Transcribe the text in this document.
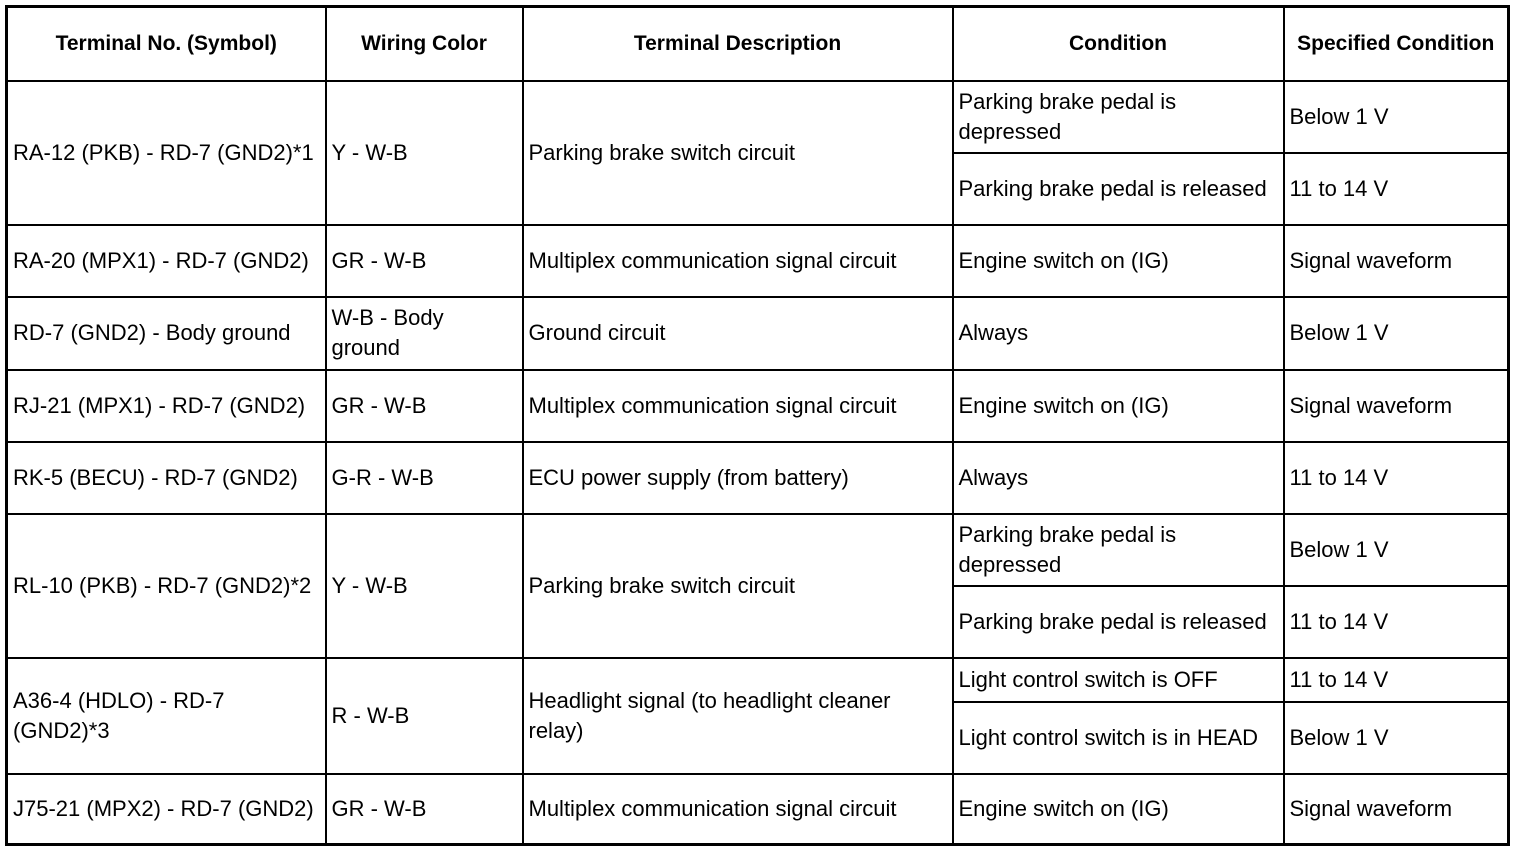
Terminal No. (Symbol)	Wiring Color	Terminal Description	Condition	Specified Condition
RA-12 (PKB) - RD-7 (GND2)*1	Y - W-B	Parking brake switch circuit	Parking brake pedal is depressed	Below 1 V
			Parking brake pedal is released	11 to 14 V
RA-20 (MPX1) - RD-7 (GND2)	GR - W-B	Multiplex communication signal circuit	Engine switch on (IG)	Signal waveform
RD-7 (GND2) - Body ground	W-B - Body ground	Ground circuit	Always	Below 1 V
RJ-21 (MPX1) - RD-7 (GND2)	GR - W-B	Multiplex communication signal circuit	Engine switch on (IG)	Signal waveform
RK-5 (BECU) - RD-7 (GND2)	G-R - W-B	ECU power supply (from battery)	Always	11 to 14 V
RL-10 (PKB) - RD-7 (GND2)*2	Y - W-B	Parking brake switch circuit	Parking brake pedal is depressed	Below 1 V
			Parking brake pedal is released	11 to 14 V
A36-4 (HDLO) - RD-7 (GND2)*3	R - W-B	Headlight signal (to headlight cleaner relay)	Light control switch is OFF	11 to 14 V
			Light control switch is in HEAD	Below 1 V
J75-21 (MPX2) - RD-7 (GND2)	GR - W-B	Multiplex communication signal circuit	Engine switch on (IG)	Signal waveform
